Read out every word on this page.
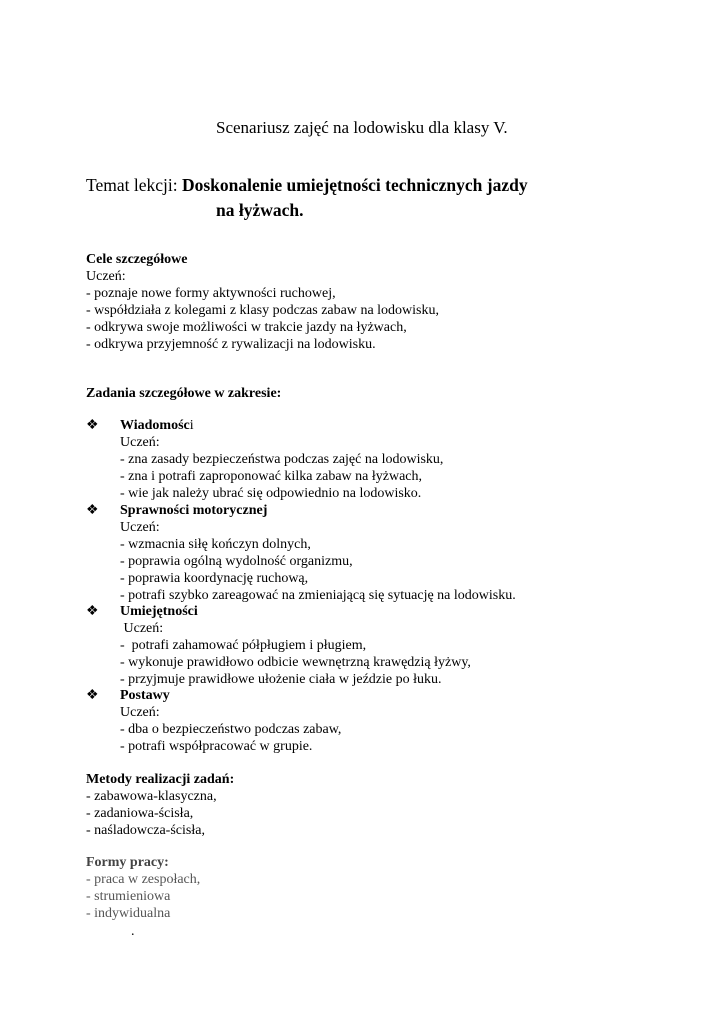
Scenariusz zajęć na lodowisku dla klasy V.
Temat lekcji: Doskonalenie umiejętności technicznych jazdy
na łyżwach.
Cele szczegółowe
Uczeń:
- poznaje nowe formy aktywności ruchowej,
- współdziała z kolegami z klasy podczas zabaw na lodowisku,
- odkrywa swoje możliwości w trakcie jazdy na łyżwach,
- odkrywa przyjemność z rywalizacji na lodowisku.
Zadania szczegółowe w zakresie:
❖ Wiadomości
Uczeń:
- zna zasady bezpieczeństwa podczas zajęć na lodowisku,
- zna i potrafi zaproponować kilka zabaw na łyżwach,
- wie jak należy ubrać się odpowiednio na lodowisko.
❖ Sprawności motorycznej
Uczeń:
- wzmacnia siłę kończyn dolnych,
- poprawia ogólną wydolność organizmu,
- poprawia koordynację ruchową,
- potrafi szybko zareagować na zmieniającą się sytuację na lodowisku.
❖ Umiejętności
Uczeń:
-  potrafi zahamować półpługiem i pługiem,
- wykonuje prawidłowo odbicie wewnętrzną krawędzią łyżwy,
- przyjmuje prawidłowe ułożenie ciała w jeździe po łuku.
❖ Postawy
Uczeń:
- dba o bezpieczeństwo podczas zabaw,
- potrafi współpracować w grupie.
Metody realizacji zadań:
- zabawowa-klasyczna,
- zadaniowa-ścisła,
- naśladowcza-ścisła,
Formy pracy:
- praca w zespołach,
- strumieniowa
- indywidualna
.
